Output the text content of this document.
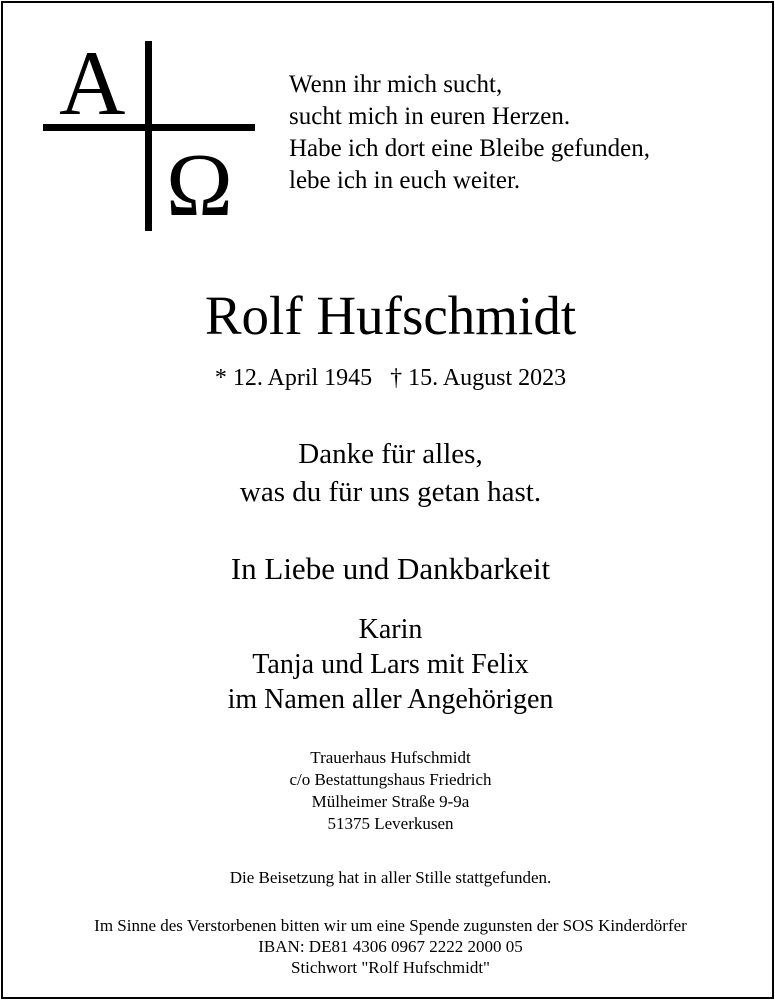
A
Ω
Wenn ihr mich sucht,
sucht mich in euren Herzen.
Habe ich dort eine Bleibe gefunden,
lebe ich in euch weiter.
Rolf Hufschmidt
* 12. April 1945 † 15. August 2023
Danke für alles,
was du für uns getan hast.
In Liebe und Dankbarkeit
Karin
Tanja und Lars mit Felix
im Namen aller Angehörigen
Trauerhaus Hufschmidt
c/o Bestattungshaus Friedrich
Mülheimer Straße 9-9a
51375 Leverkusen
Die Beisetzung hat in aller Stille stattgefunden.
Im Sinne des Verstorbenen bitten wir um eine Spende zugunsten der SOS Kinderdörfer
IBAN: DE81 4306 0967 2222 2000 05
Stichwort "Rolf Hufschmidt"
